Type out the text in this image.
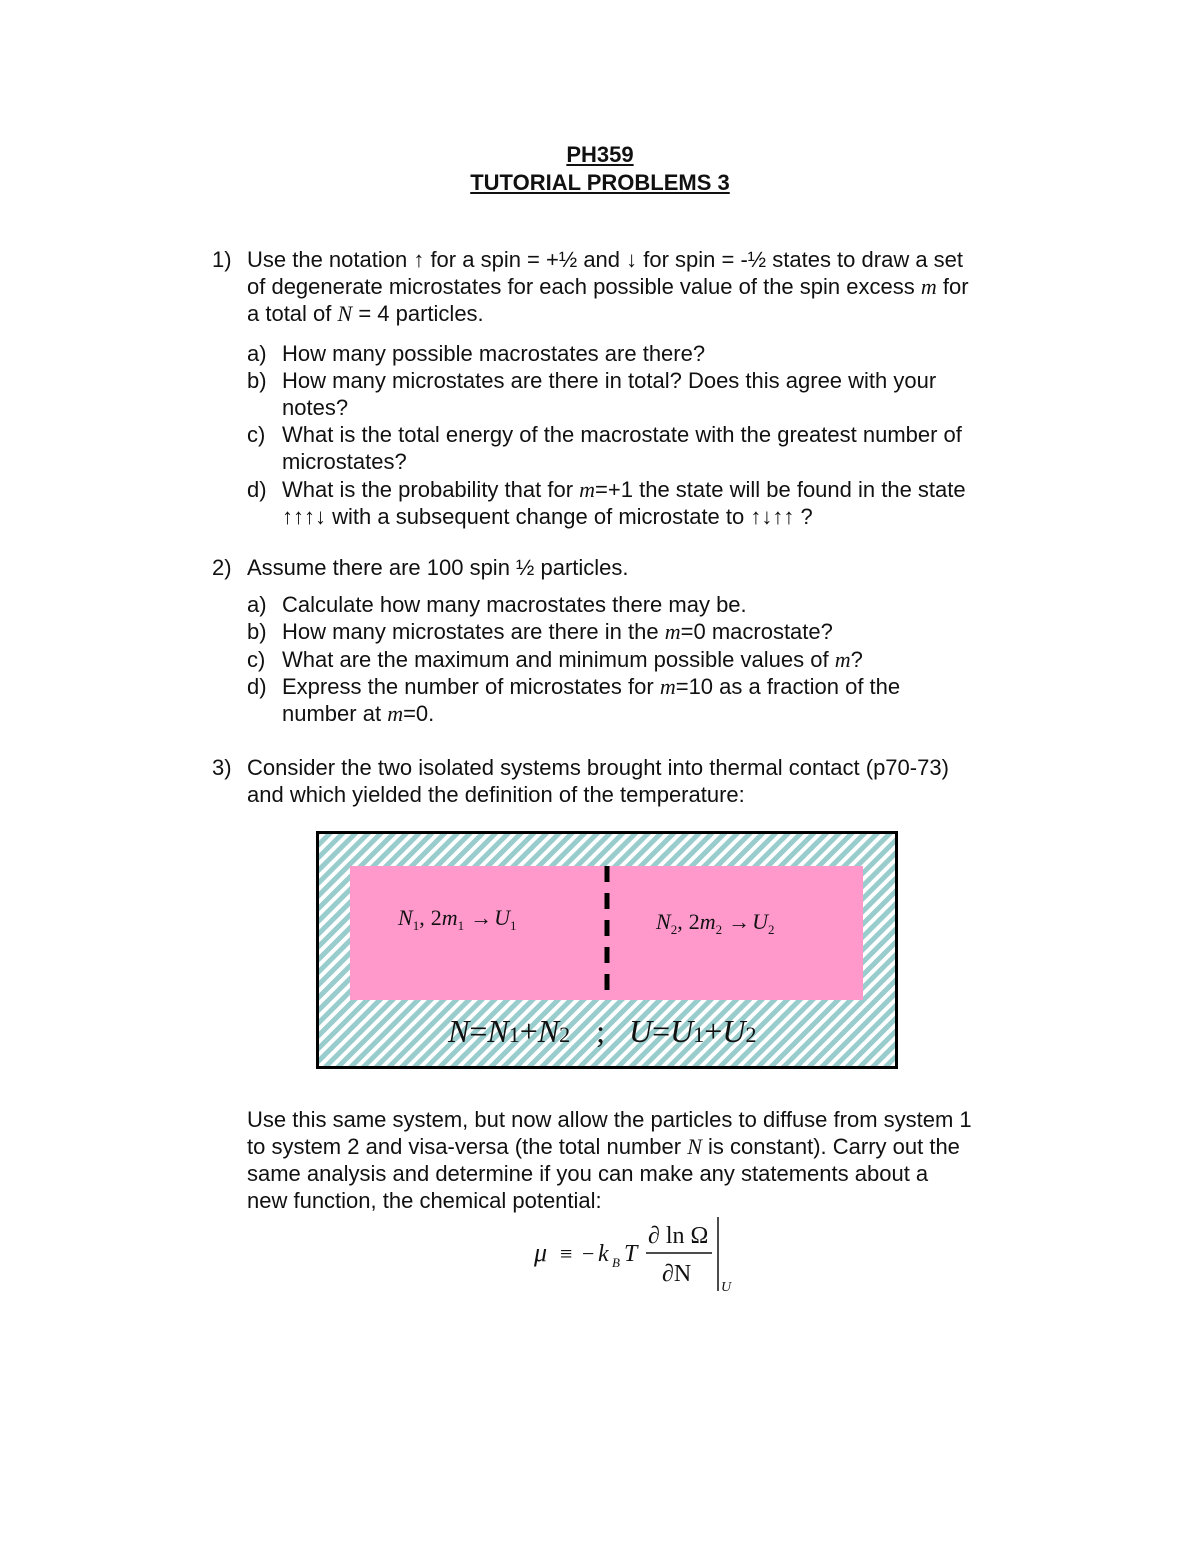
PH359
TUTORIAL PROBLEMS 3
1) Use the notation ↑ for a spin = +½ and ↓ for spin = -½ states to draw a set
of degenerate microstates for each possible value of the spin excess m for
a total of N = 4 particles.
a) How many possible macrostates are there?
b) How many microstates are there in total? Does this agree with your
notes?
c) What is the total energy of the macrostate with the greatest number of
microstates?
d) What is the probability that for m=+1 the state will be found in the state
↑↑↑↓ with a subsequent change of microstate to ↑↓↑↑ ?
2) Assume there are 100 spin ½ particles.
a) Calculate how many macrostates there may be.
b) How many microstates are there in the m=0 macrostate?
c) What are the maximum and minimum possible values of m?
d) Express the number of microstates for m=10 as a fraction of the
number at m=0.
3) Consider the two isolated systems brought into thermal contact (p70-73)
and which yielded the definition of the temperature:
$N_1$, $2m_1 \to U_1$	$N_2$, $2m_2 \to U_2$
N=N1+N2 ; U=U1+U2
Use this same system, but now allow the particles to diffuse from system 1
to system 2 and visa-versa (the total number N is constant). Carry out the
same analysis and determine if you can make any statements about a
new function, the chemical potential:
μ ≡ − k B T
∂ ln Ω
∂N
U
